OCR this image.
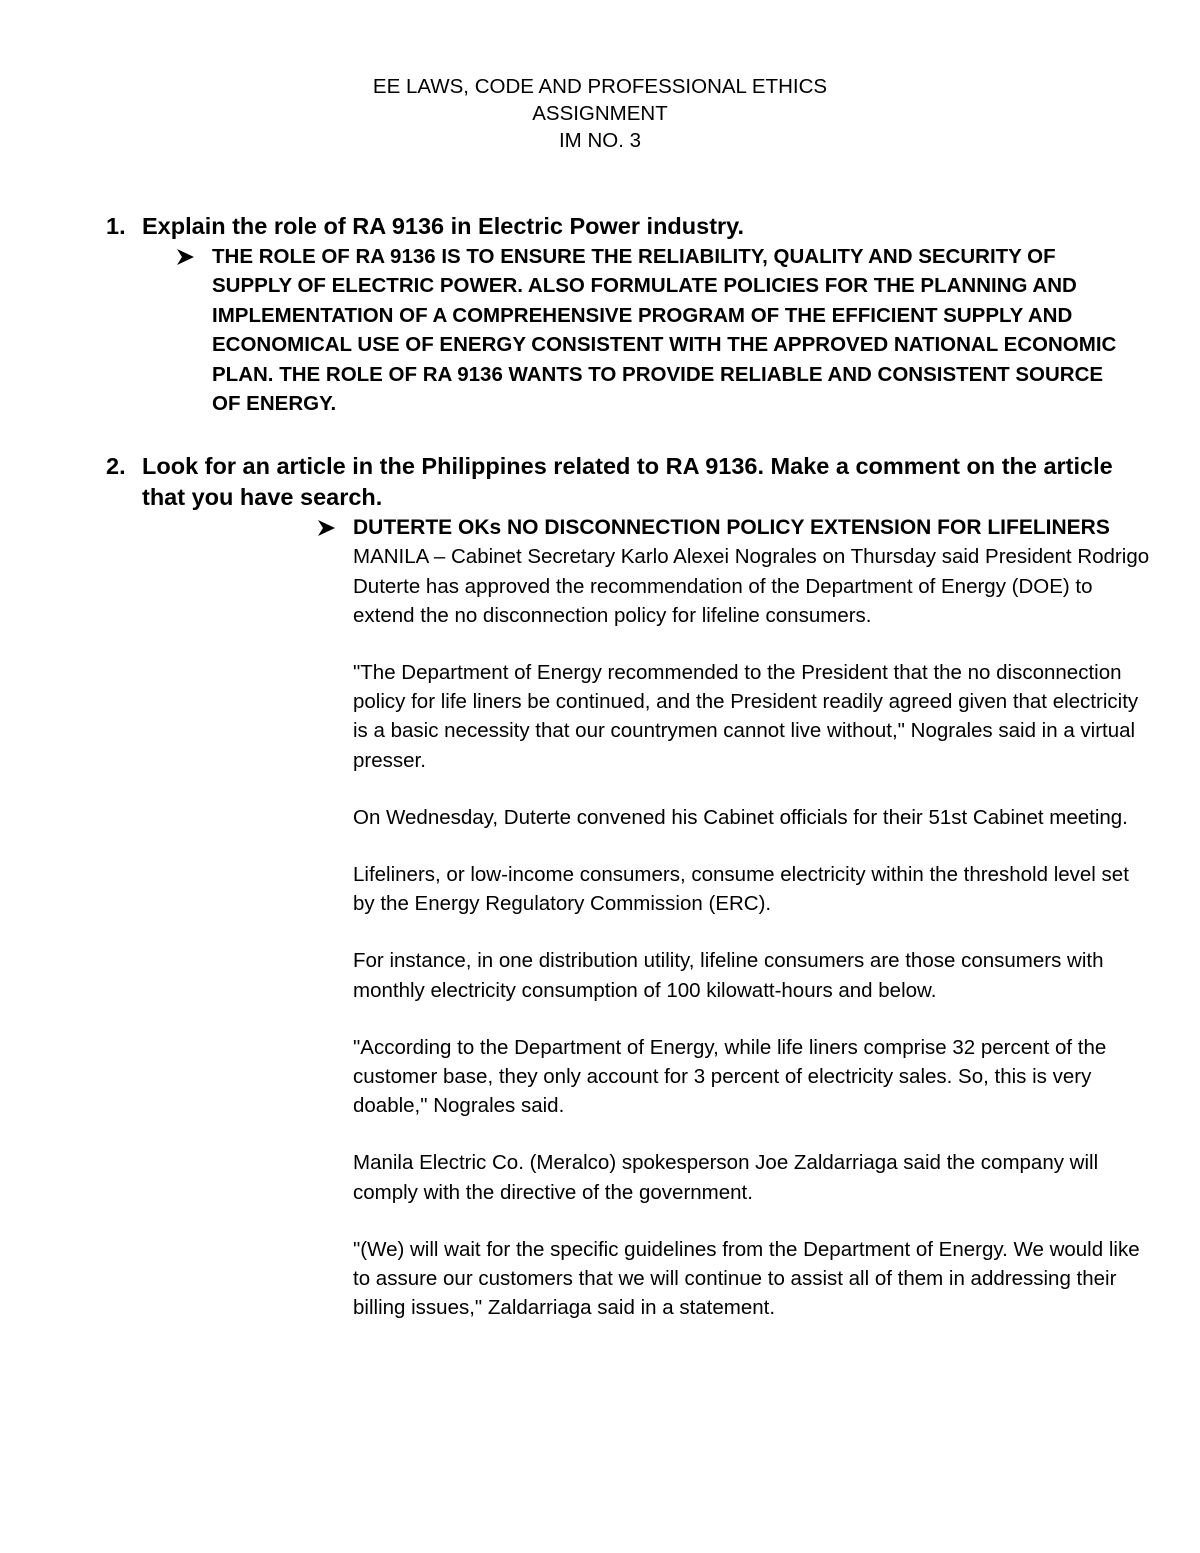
EE LAWS, CODE AND PROFESSIONAL ETHICS
ASSIGNMENT
IM NO. 3
1. Explain the role of RA 9136 in Electric Power industry.
THE ROLE OF RA 9136 IS TO ENSURE THE RELIABILITY, QUALITY AND SECURITY OF SUPPLY OF ELECTRIC POWER. ALSO FORMULATE POLICIES FOR THE PLANNING AND IMPLEMENTATION OF A COMPREHENSIVE PROGRAM OF THE EFFICIENT SUPPLY AND ECONOMICAL USE OF ENERGY CONSISTENT WITH THE APPROVED NATIONAL ECONOMIC PLAN. THE ROLE OF RA 9136 WANTS TO PROVIDE RELIABLE AND CONSISTENT SOURCE OF ENERGY.
2. Look for an article in the Philippines related to RA 9136. Make a comment on the article that you have search.
DUTERTE OKs NO DISCONNECTION POLICY EXTENSION FOR LIFELINERS

MANILA – Cabinet Secretary Karlo Alexei Nograles on Thursday said President Rodrigo Duterte has approved the recommendation of the Department of Energy (DOE) to extend the no disconnection policy for lifeline consumers.

"The Department of Energy recommended to the President that the no disconnection policy for life liners be continued, and the President readily agreed given that electricity is a basic necessity that our countrymen cannot live without," Nograles said in a virtual presser.

On Wednesday, Duterte convened his Cabinet officials for their 51st Cabinet meeting.

Lifeliners, or low-income consumers, consume electricity within the threshold level set by the Energy Regulatory Commission (ERC).

For instance, in one distribution utility, lifeline consumers are those consumers with monthly electricity consumption of 100 kilowatt-hours and below.

"According to the Department of Energy, while life liners comprise 32 percent of the customer base, they only account for 3 percent of electricity sales. So, this is very doable," Nograles said.

Manila Electric Co. (Meralco) spokesperson Joe Zaldarriaga said the company will comply with the directive of the government.

"(We) will wait for the specific guidelines from the Department of Energy. We would like to assure our customers that we will continue to assist all of them in addressing their billing issues," Zaldarriaga said in a statement.
